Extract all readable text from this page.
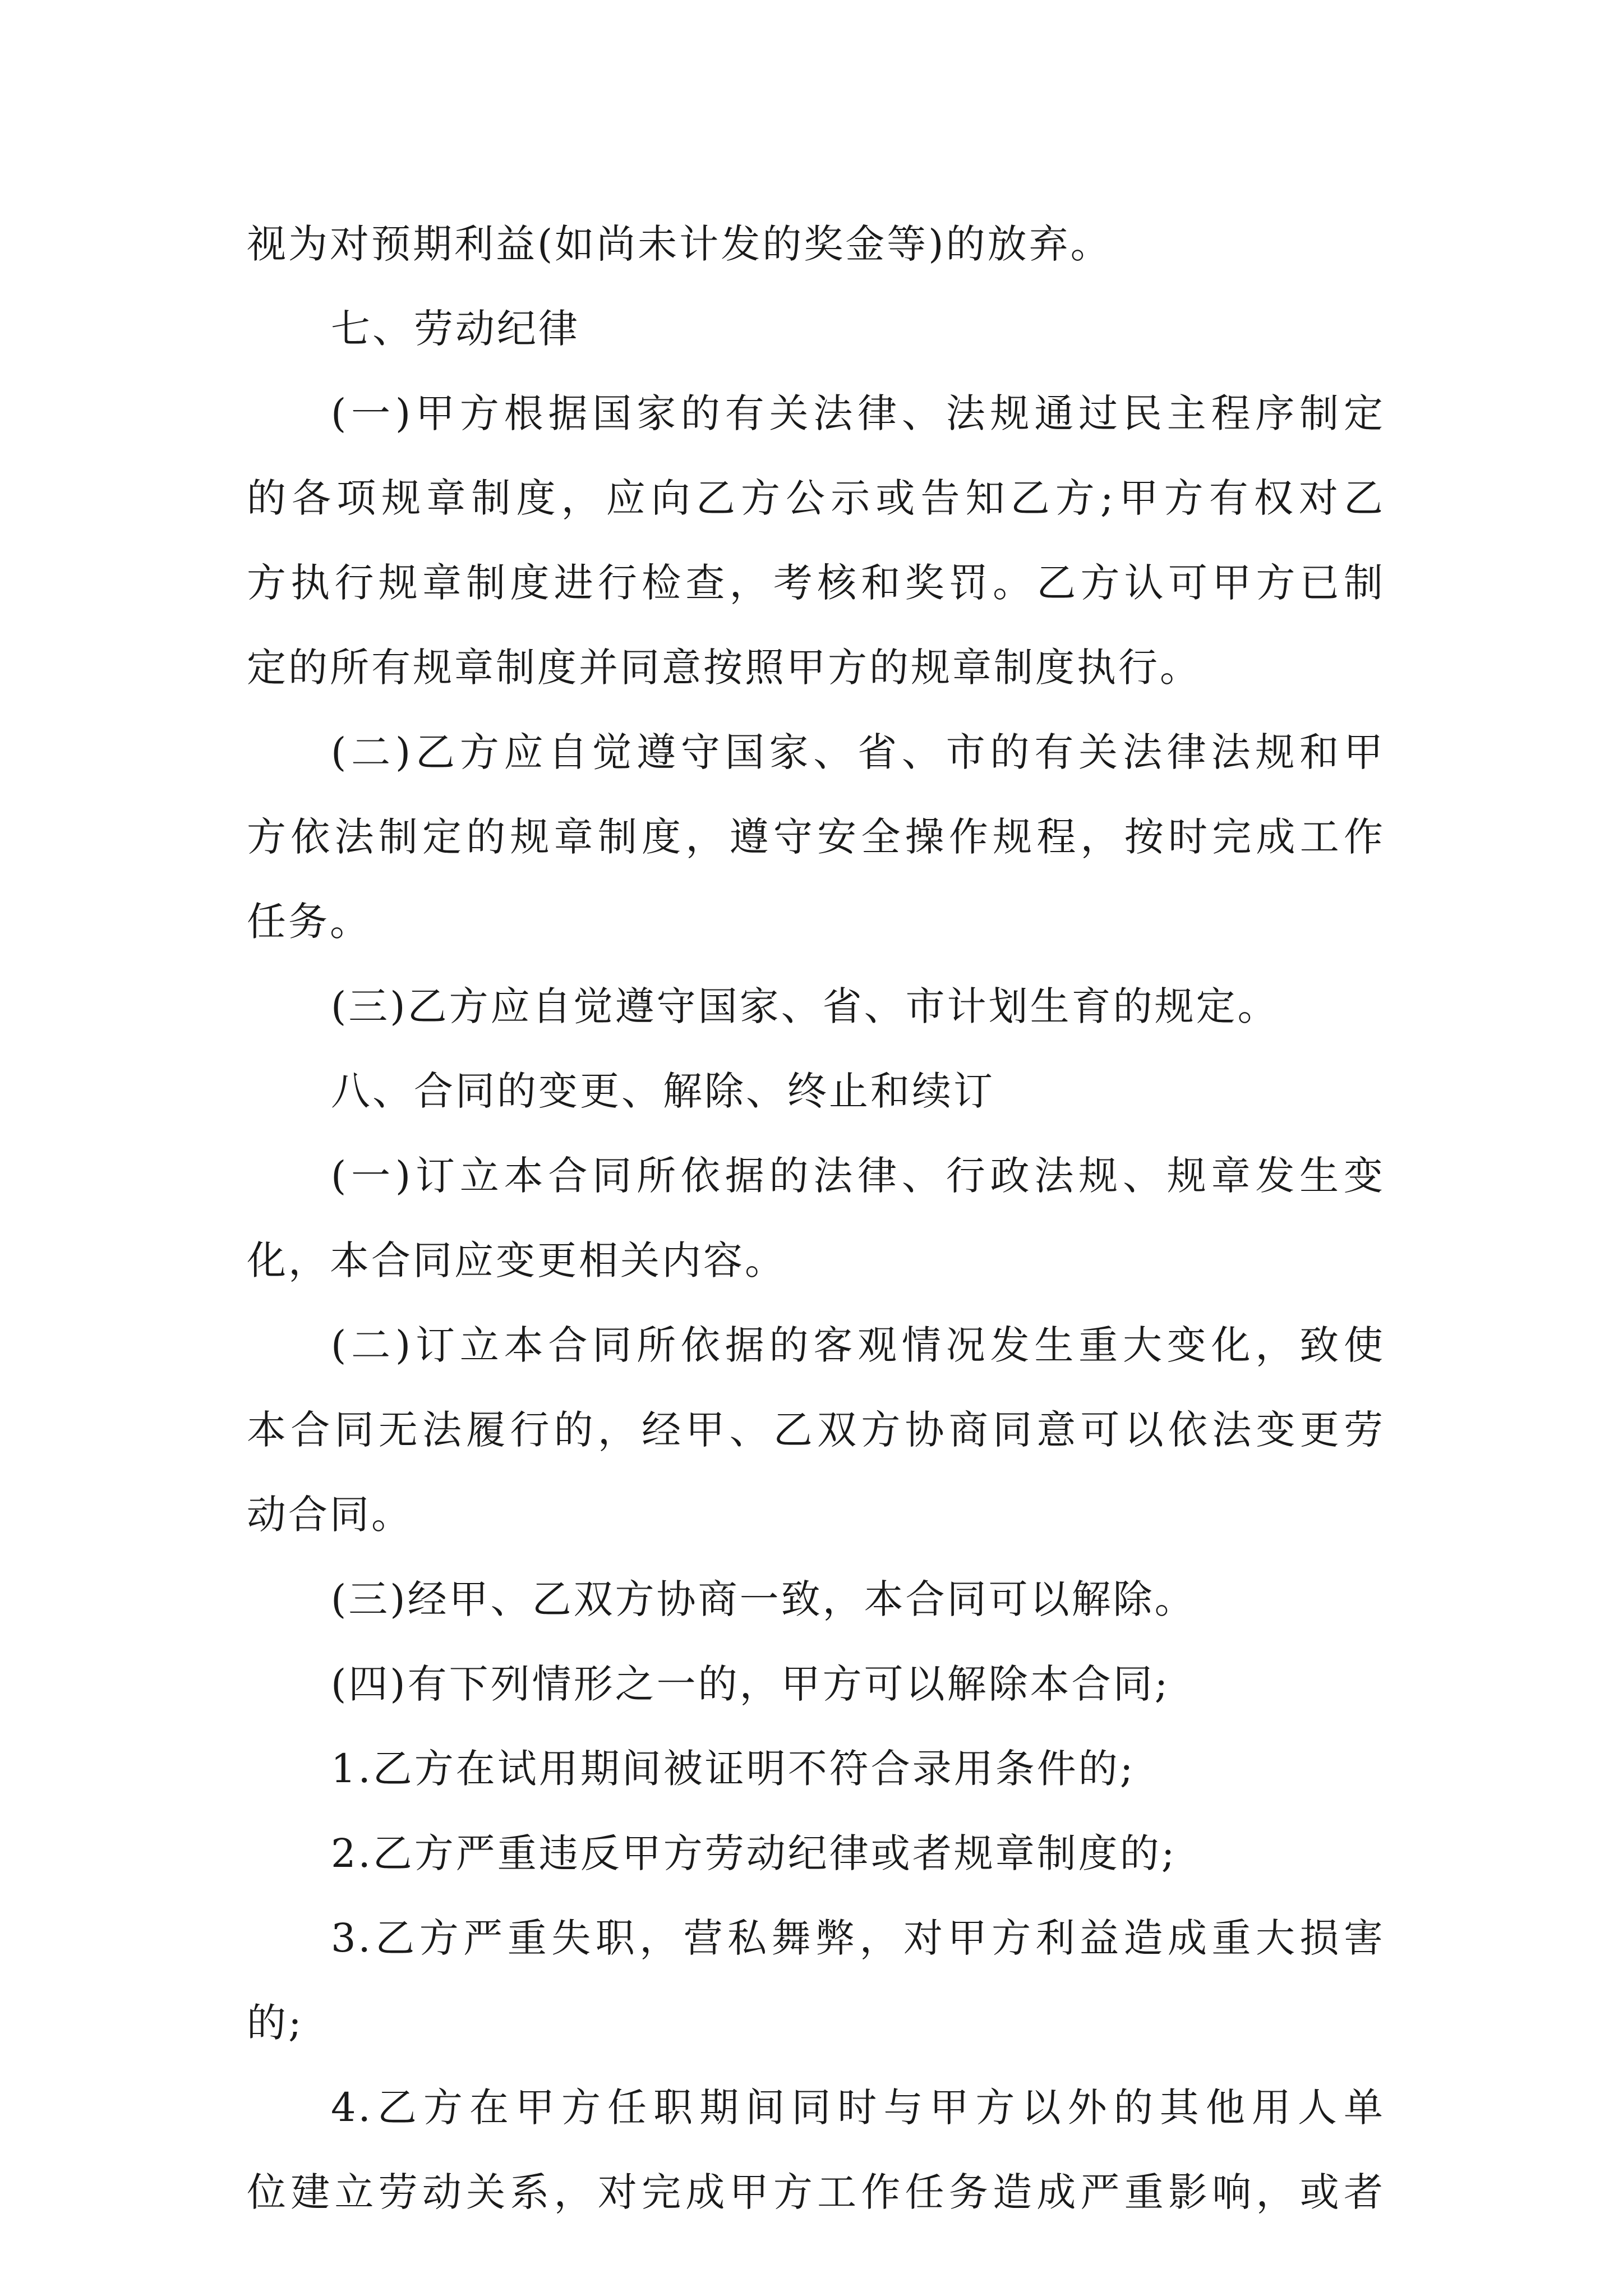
视为对预期利益(如尚未计发的奖金等)的放弃。
七、劳动纪律
(一)甲方根据国家的有关法律、法规通过民主程序制定
的各项规章制度，应向乙方公示或告知乙方;甲方有权对乙
方执行规章制度进行检查，考核和奖罚。乙方认可甲方已制
定的所有规章制度并同意按照甲方的规章制度执行。
(二)乙方应自觉遵守国家、省、市的有关法律法规和甲
方依法制定的规章制度，遵守安全操作规程，按时完成工作
任务。
(三)乙方应自觉遵守国家、省、市计划生育的规定。
八、合同的变更、解除、终止和续订
(一)订立本合同所依据的法律、行政法规、规章发生变
化，本合同应变更相关内容。
(二)订立本合同所依据的客观情况发生重大变化，致使
本合同无法履行的，经甲、乙双方协商同意可以依法变更劳
动合同。
(三)经甲、乙双方协商一致，本合同可以解除。
(四)有下列情形之一的，甲方可以解除本合同;
1.乙方在试用期间被证明不符合录用条件的;
2.乙方严重违反甲方劳动纪律或者规章制度的;
3.乙方严重失职，营私舞弊，对甲方利益造成重大损害
的;
4.乙方在甲方任职期间同时与甲方以外的其他用人单
位建立劳动关系，对完成甲方工作任务造成严重影响，或者
